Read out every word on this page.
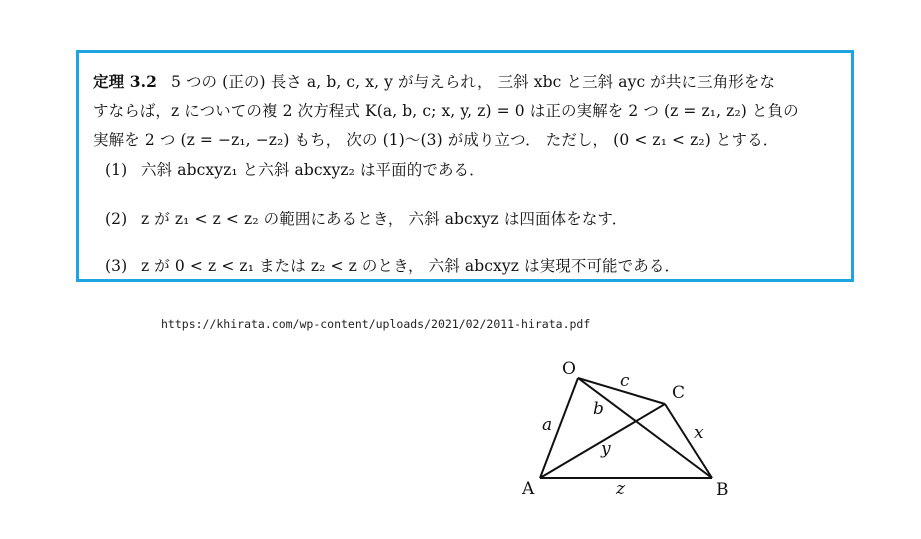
定理 3.2 5 つの (正の) 長さ a, b, c, x, y が与えられ， 三斜 xbc と三斜 ayc が共に三角形をな
すならば，z についての複 2 次方程式 K(a, b, c; x, y, z) = 0 は正の実解を 2 つ (z = z₁, z₂) と負の
実解を 2 つ (z = −z₁, −z₂) もち， 次の (1)〜(3) が成り立つ． ただし， (0 < z₁ < z₂) とする．
(1) 六斜 abcxyz₁ と六斜 abcxyz₂ は平面的である．
(2) z が z₁ < z < z₂ の範囲にあるとき， 六斜 abcxyz は四面体をなす．
(3) z が 0 < z < z₁ または z₂ < z のとき， 六斜 abcxyz は実現不可能である．
https://khirata.com/wp-content/uploads/2021/02/2011-hirata.pdf
O
C
A	B
a
b
c
x
y
z
